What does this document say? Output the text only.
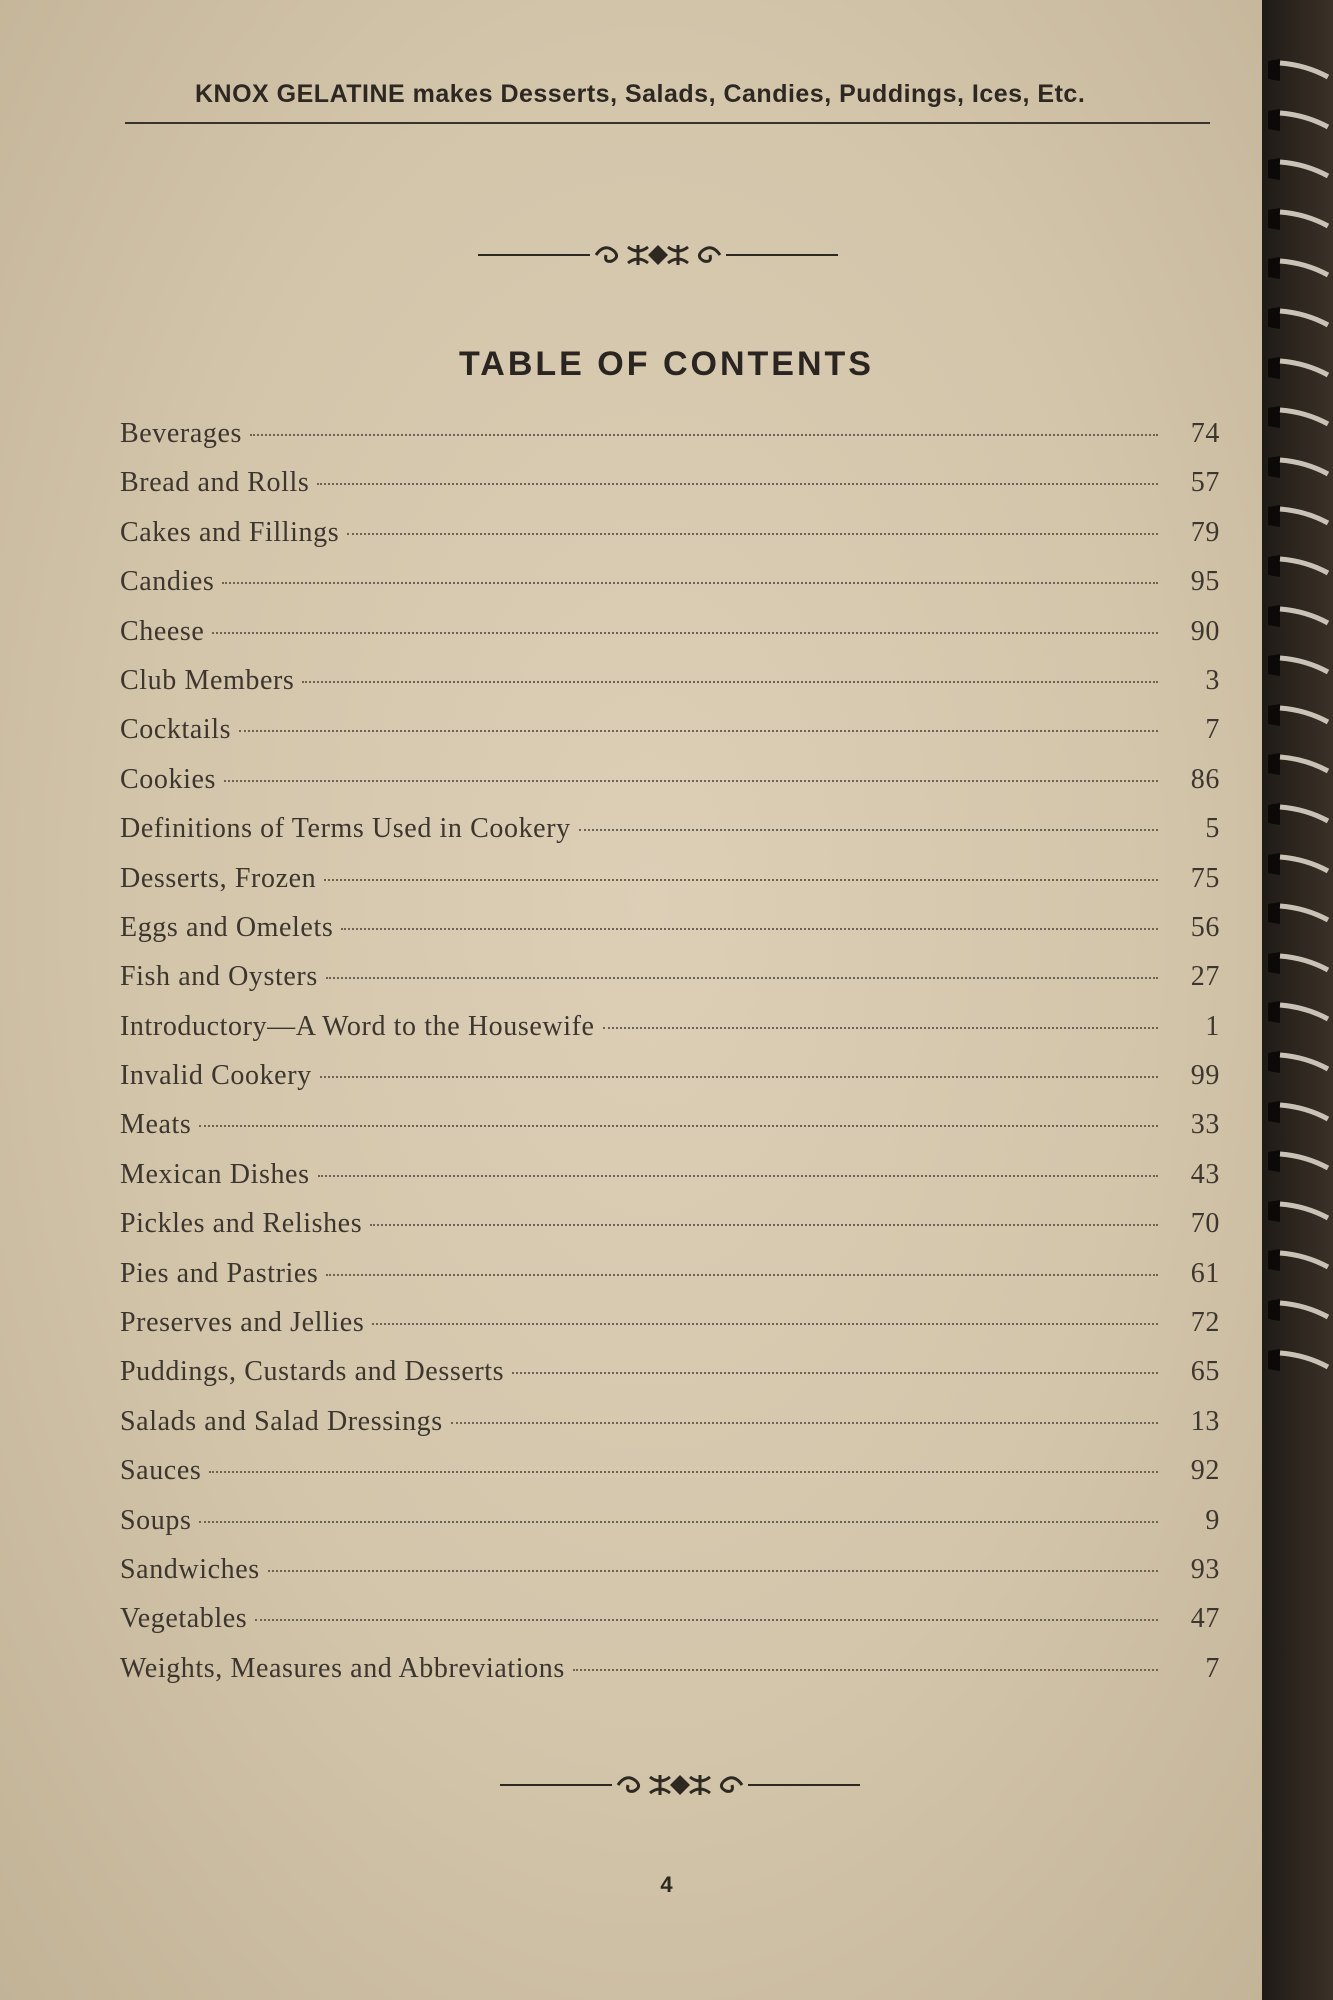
KNOX GELATINE makes Desserts, Salads, Candies, Puddings, Ices, Etc.
TABLE OF CONTENTS
Beverages	74
Bread and Rolls	57
Cakes and Fillings	79
Candies	95
Cheese	90
Club Members	3
Cocktails	7
Cookies	86
Definitions of Terms Used in Cookery	5
Desserts, Frozen	75
Eggs and Omelets	56
Fish and Oysters	27
Introductory—A Word to the Housewife	1
Invalid Cookery	99
Meats	33
Mexican Dishes	43
Pickles and Relishes	70
Pies and Pastries	61
Preserves and Jellies	72
Puddings, Custards and Desserts	65
Salads and Salad Dressings	13
Sauces	92
Soups	9
Sandwiches	93
Vegetables	47
Weights, Measures and Abbreviations	7
4
